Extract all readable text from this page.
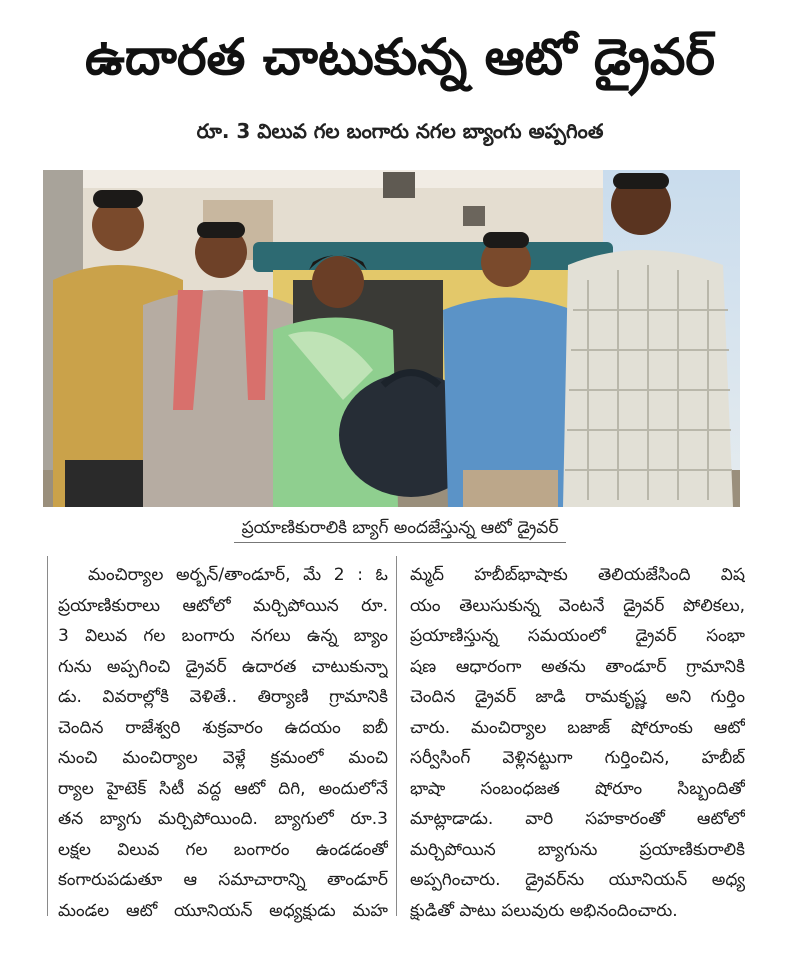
ఉదారత చాటుకున్న ఆటో డ్రైవర్
రూ. 3 విలువ గల బంగారు నగల బ్యాంగు అప్పగింత
ప్రయాణికురాలికి బ్యాగ్ అందజేస్తున్న ఆటో డ్రైవర్
మంచిర్యాల అర్బన్/తాండూర్, మే 2 : ఓ
ప్రయాణికురాలు ఆటోలో మర్చిపోయిన రూ.
3 విలువ గల బంగారు నగలు ఉన్న బ్యాం
గును అప్పగించి డ్రైవర్ ఉదారత చాటుకున్నా
డు. వివరాల్లోకి వెళితే.. తిర్యాణి గ్రామానికి
చెందిన రాజేశ్వరి శుక్రవారం ఉదయం ఐబీ
నుంచి మంచిర్యాల వెళ్లే క్రమంలో మంచి
ర్యాల హైటెక్ సిటీ వద్ద ఆటో దిగి, అందులోనే
తన బ్యాగు మర్చిపోయింది. బ్యాగులో రూ.3
లక్షల విలువ గల బంగారం ఉండడంతో
కంగారుపడుతూ ఆ సమాచారాన్ని తాండూర్
మండల ఆటో యూనియన్ అధ్యక్షుడు మహ
మ్మద్ హబీబ్‌భాషాకు తెలియజేసింది విష
యం తెలుసుకున్న వెంటనే డ్రైవర్ పోలికలు,
ప్రయాణిస్తున్న సమయంలో డ్రైవర్ సంభా
షణ ఆధారంగా అతను తాండూర్ గ్రామానికి
చెందిన డ్రైవర్ జాడి రామకృష్ణ అని గుర్తిం
చారు. మంచిర్యాల బజాజ్ షోరూంకు ఆటో
సర్వీసింగ్ వెళ్లినట్టుగా గుర్తించిన, హబీబ్
భాషా సంబంధజత షోరూం సిబ్బందితో
మాట్లాడాడు. వారి సహకారంతో ఆటోలో
మర్చిపోయిన బ్యాగును ప్రయాణికురాలికి
అప్పగించారు. డ్రైవర్‌ను యూనియన్ అధ్య
క్షుడితో పాటు పలువురు అభినందించారు.
